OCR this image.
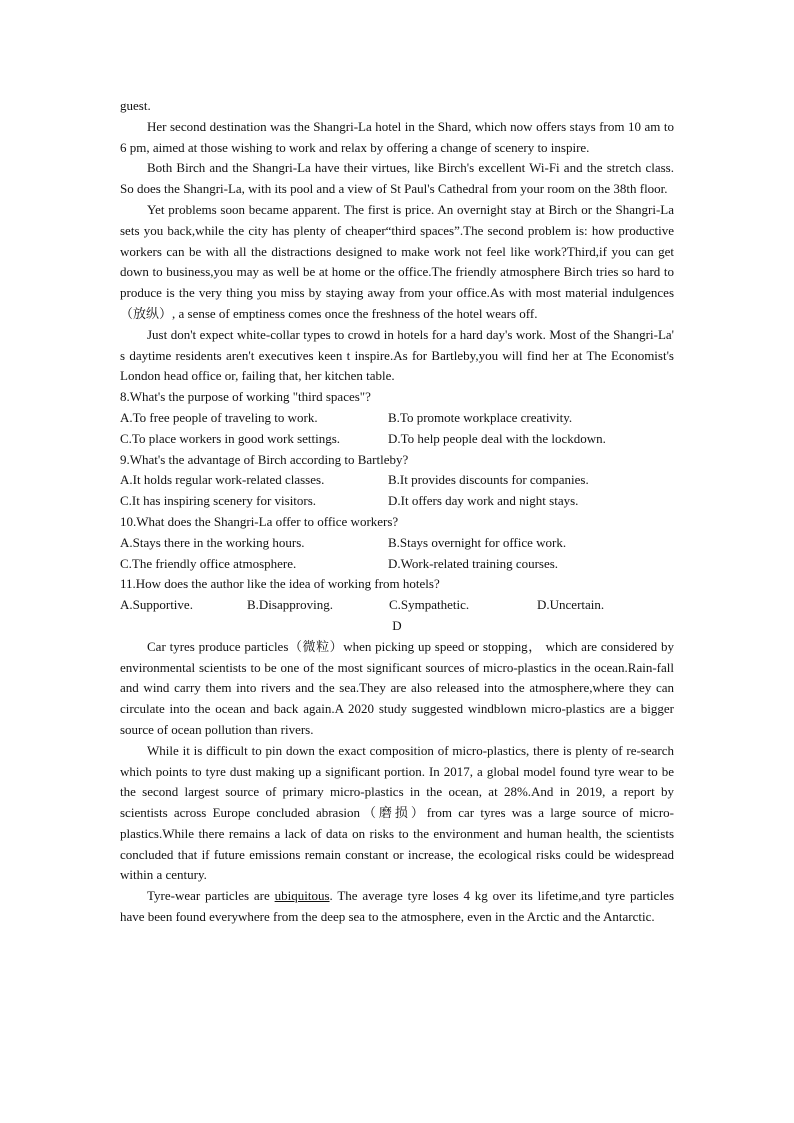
guest.

Her second destination was the Shangri-La hotel in the Shard, which now offers stays from 10 am to 6 pm, aimed at those wishing to work and relax by offering a change of scenery to inspire.

Both Birch and the Shangri-La have their virtues, like Birch's excellent Wi-Fi and the stretch class. So does the Shangri-La, with its pool and a view of St Paul's Cathedral from your room on the 38th floor.

Yet problems soon became apparent. The first is price. An overnight stay at Birch or the Shangri-La sets you back,while the city has plenty of cheaper“third spaces”.The second problem is: how productive workers can be with all the distractions designed to make work not feel like work?Third,if you can get down to business,you may as well be at home or the office.The friendly atmosphere Birch tries so hard to produce is the very thing you miss by staying away from your office.As with most material indulgences（放纵）, a sense of emptiness comes once the freshness of the hotel wears off.

Just don't expect white-collar types to crowd in hotels for a hard day's work. Most of the Shangri-La' s daytime residents aren't executives keen t inspire.As for Bartleby,you will find her at The Economist's London head office or, failing that, her kitchen table.

8.What's the purpose of working "third spaces"?

A.To free people of traveling to work.	B.To promote workplace creativity.
C.To place workers in good work settings.	D.To help people deal with the lockdown.

9.What's the advantage of Birch according to Bartleby?

A.It holds regular work-related classes.	B.It provides discounts for companies.
C.It has inspiring scenery for visitors.	D.It offers day work and night stays.

10.What does the Shangri-La offer to office workers?

A.Stays there in the working hours.	B.Stays overnight for office work.
C.The friendly office atmosphere.	D.Work-related training courses.

11.How does the author like the idea of working from hotels?

A.Supportive.	B.Disapproving.	C.Sympathetic.	D.Uncertain.

D

Car tyres produce particles（微粒）when picking up speed or stopping， which are considered by environmental scientists to be one of the most significant sources of micro-plastics in the ocean.Rain-fall and wind carry them into rivers and the sea.They are also released into the atmosphere,where they can circulate into the ocean and back again.A 2020 study suggested windblown micro-plastics are a bigger source of ocean pollution than rivers.

While it is difficult to pin down the exact composition of micro-plastics, there is plenty of re-search which points to tyre dust making up a significant portion. In 2017, a global model found tyre wear to be the second largest source of primary micro-plastics in the ocean, at 28%.And in 2019, a report by scientists across Europe concluded abrasion（磨损）from car tyres was a large source of micro-plastics.While there remains a lack of data on risks to the environment and human health, the scientists concluded that if future emissions remain constant or increase, the ecological risks could be widespread within a century.

Tyre-wear particles are ubiquitous. The average tyre loses 4 kg over its lifetime,and tyre particles have been found everywhere from the deep sea to the atmosphere, even in the Arctic and the Antarctic.
